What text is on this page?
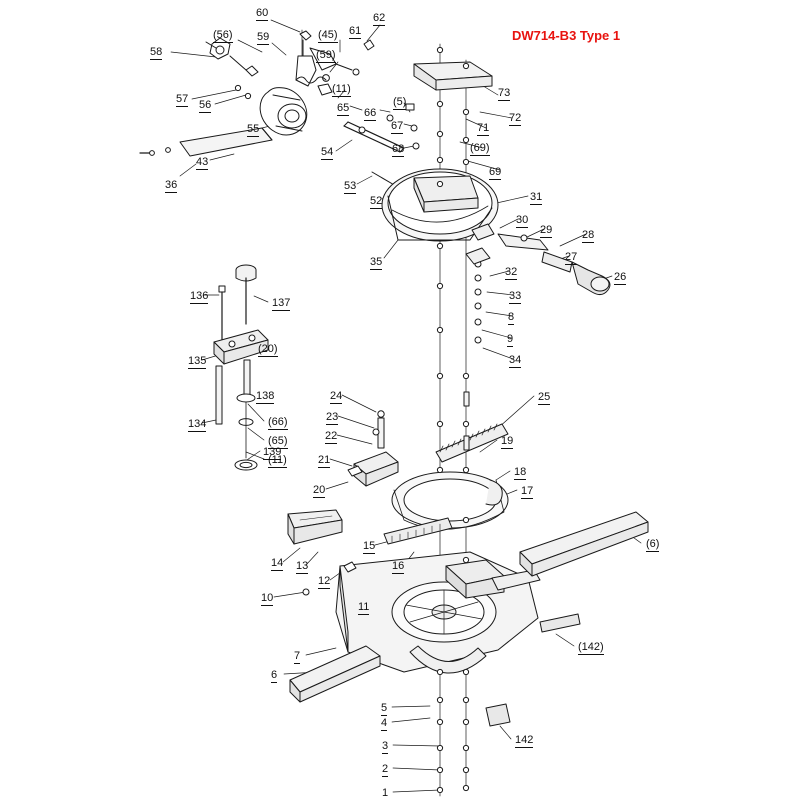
DW714-B3 Type 1
60	62
(56)	(45) 61
59
58	(59)
73
57 56
(11)
65 66
(5)
72
71
67
55
68	(69)
54
43
69
36	53
52	31
30
29	28
27
35
32	26
33
136
137
8
9
34
(20)
135
138	24	25
23
(66)
134
(65)	22	19
(11)
139
21
18
20	17
15	(6)
14 13	16
12
10
11
(142)
7
6
5
4
142
3
2
1
